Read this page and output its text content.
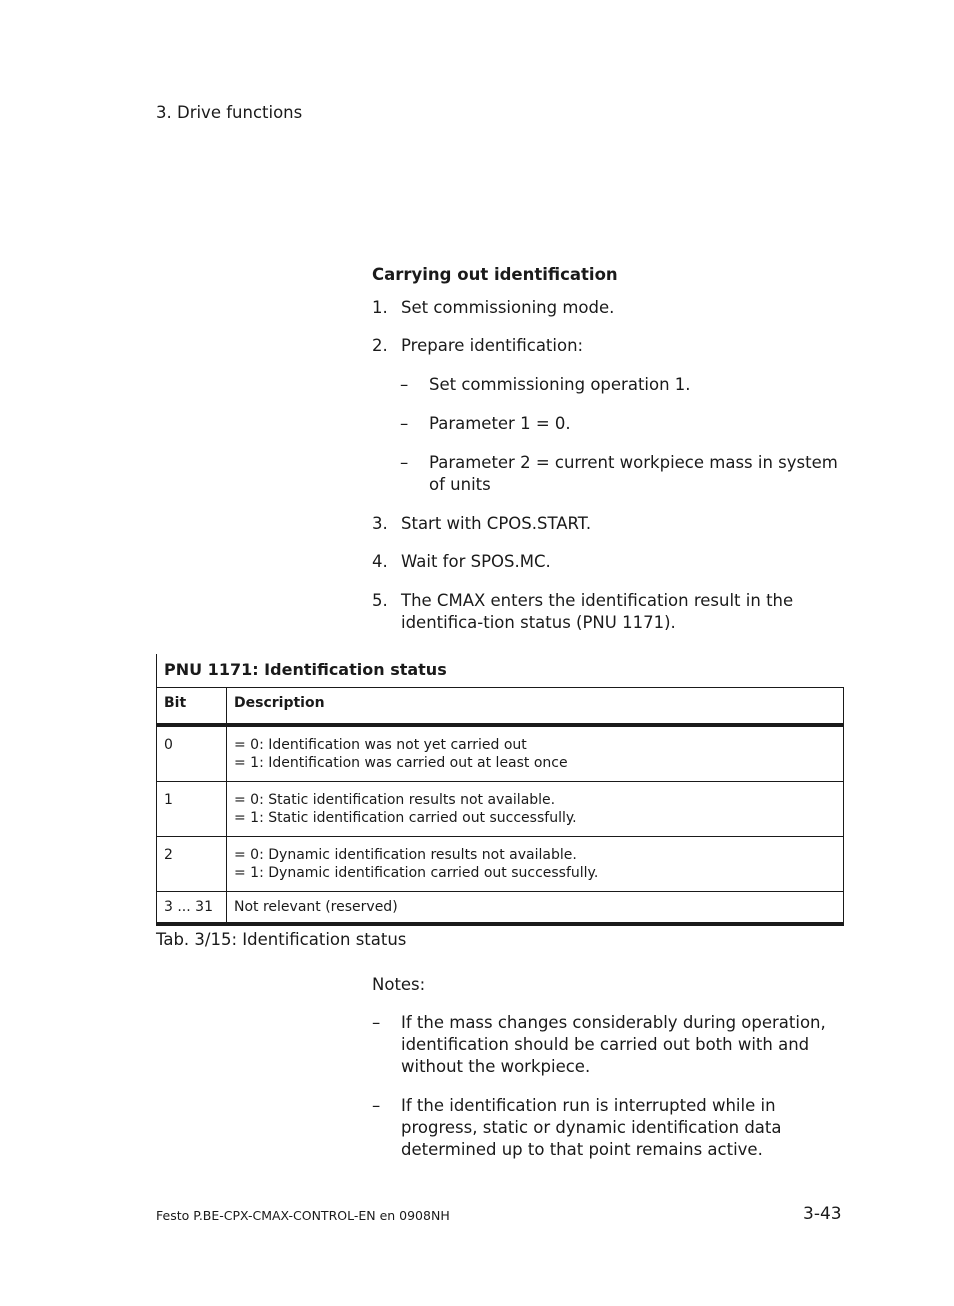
3. Drive functions
Carrying out identification
1. Set commissioning mode.
2. Prepare identification:
– Set commissioning operation 1.
– Parameter 1 = 0.
– Parameter 2 = current workpiece mass in system of units
3. Start with CPOS.START.
4. Wait for SPOS.MC.
5. The CMAX enters the identification result in the identifica-tion status (PNU 1171).
PNU 1171: Identification status	
Bit	Description
0	= 0: Identification was not yet carried out
= 1: Identification was carried out at least once

1	= 0: Static identification results not available.
= 1: Static identification carried out successfully.

2	= 0: Dynamic identification results not available.
= 1: Dynamic identification carried out successfully.

3 ... 31	Not relevant (reserved)
Tab. 3/15: Identification status
Notes:
– If the mass changes considerably during operation, identification should be carried out both with and without the workpiece.
– If the identification run is interrupted while in progress, static or dynamic identification data determined up to that point remains active.
Festo P.BE-CPX-CMAX-CONTROL-EN en 0908NH	3-43
